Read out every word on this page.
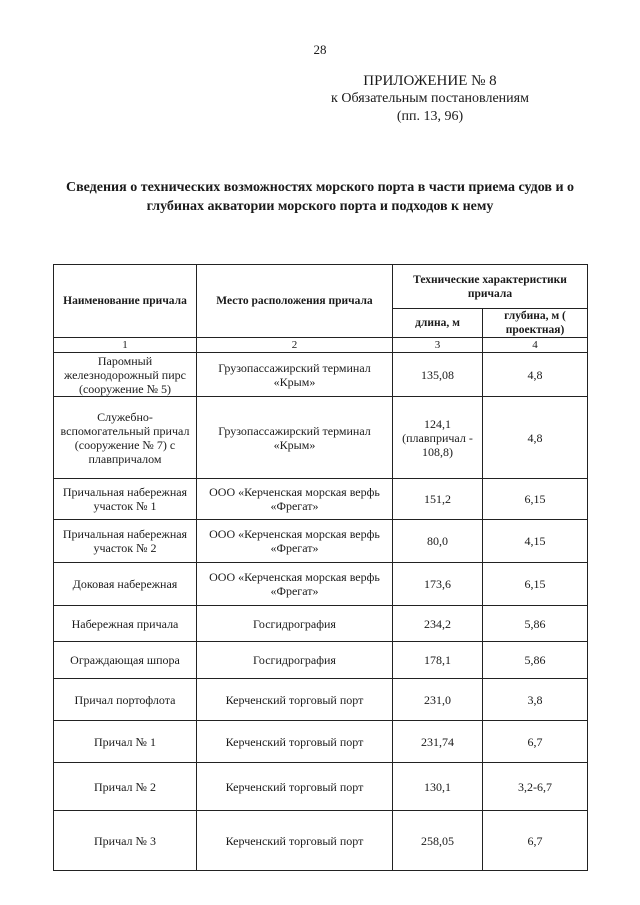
28
ПРИЛОЖЕНИЕ № 8
к Обязательным постановлениям
(пп. 13, 96)
Сведения о технических возможностях морского порта в части приема судов и о глубинах акватории морского порта и подходов к нему
Наименование причала	Место расположения причала	Технические характеристики причала	
		длина, м	глубина, м ( проектная)
1	2	3	4
Паромный железнодорожный пирс (сооружение № 5)	Грузопассажирский терминал «Крым»	135,08	4,8
Служебно-вспомогательный причал (сооружение № 7) с плавпричалом	Грузопассажирский терминал «Крым»	124,1 (плавпричал - 108,8)	4,8
Причальная набережная участок № 1	ООО «Керченская морская верфь «Фрегат»	151,2	6,15
Причальная набережная участок № 2	ООО «Керченская морская верфь «Фрегат»	80,0	4,15
Доковая набережная	ООО «Керченская морская верфь «Фрегат»	173,6	6,15
Набережная причала	Госгидрография	234,2	5,86
Ограждающая шпора	Госгидрография	178,1	5,86
Причал портофлота	Керченский торговый порт	231,0	3,8
Причал № 1	Керченский торговый порт	231,74	6,7
Причал № 2	Керченский торговый порт	130,1	3,2-6,7
Причал № 3	Керченский торговый порт	258,05	6,7
